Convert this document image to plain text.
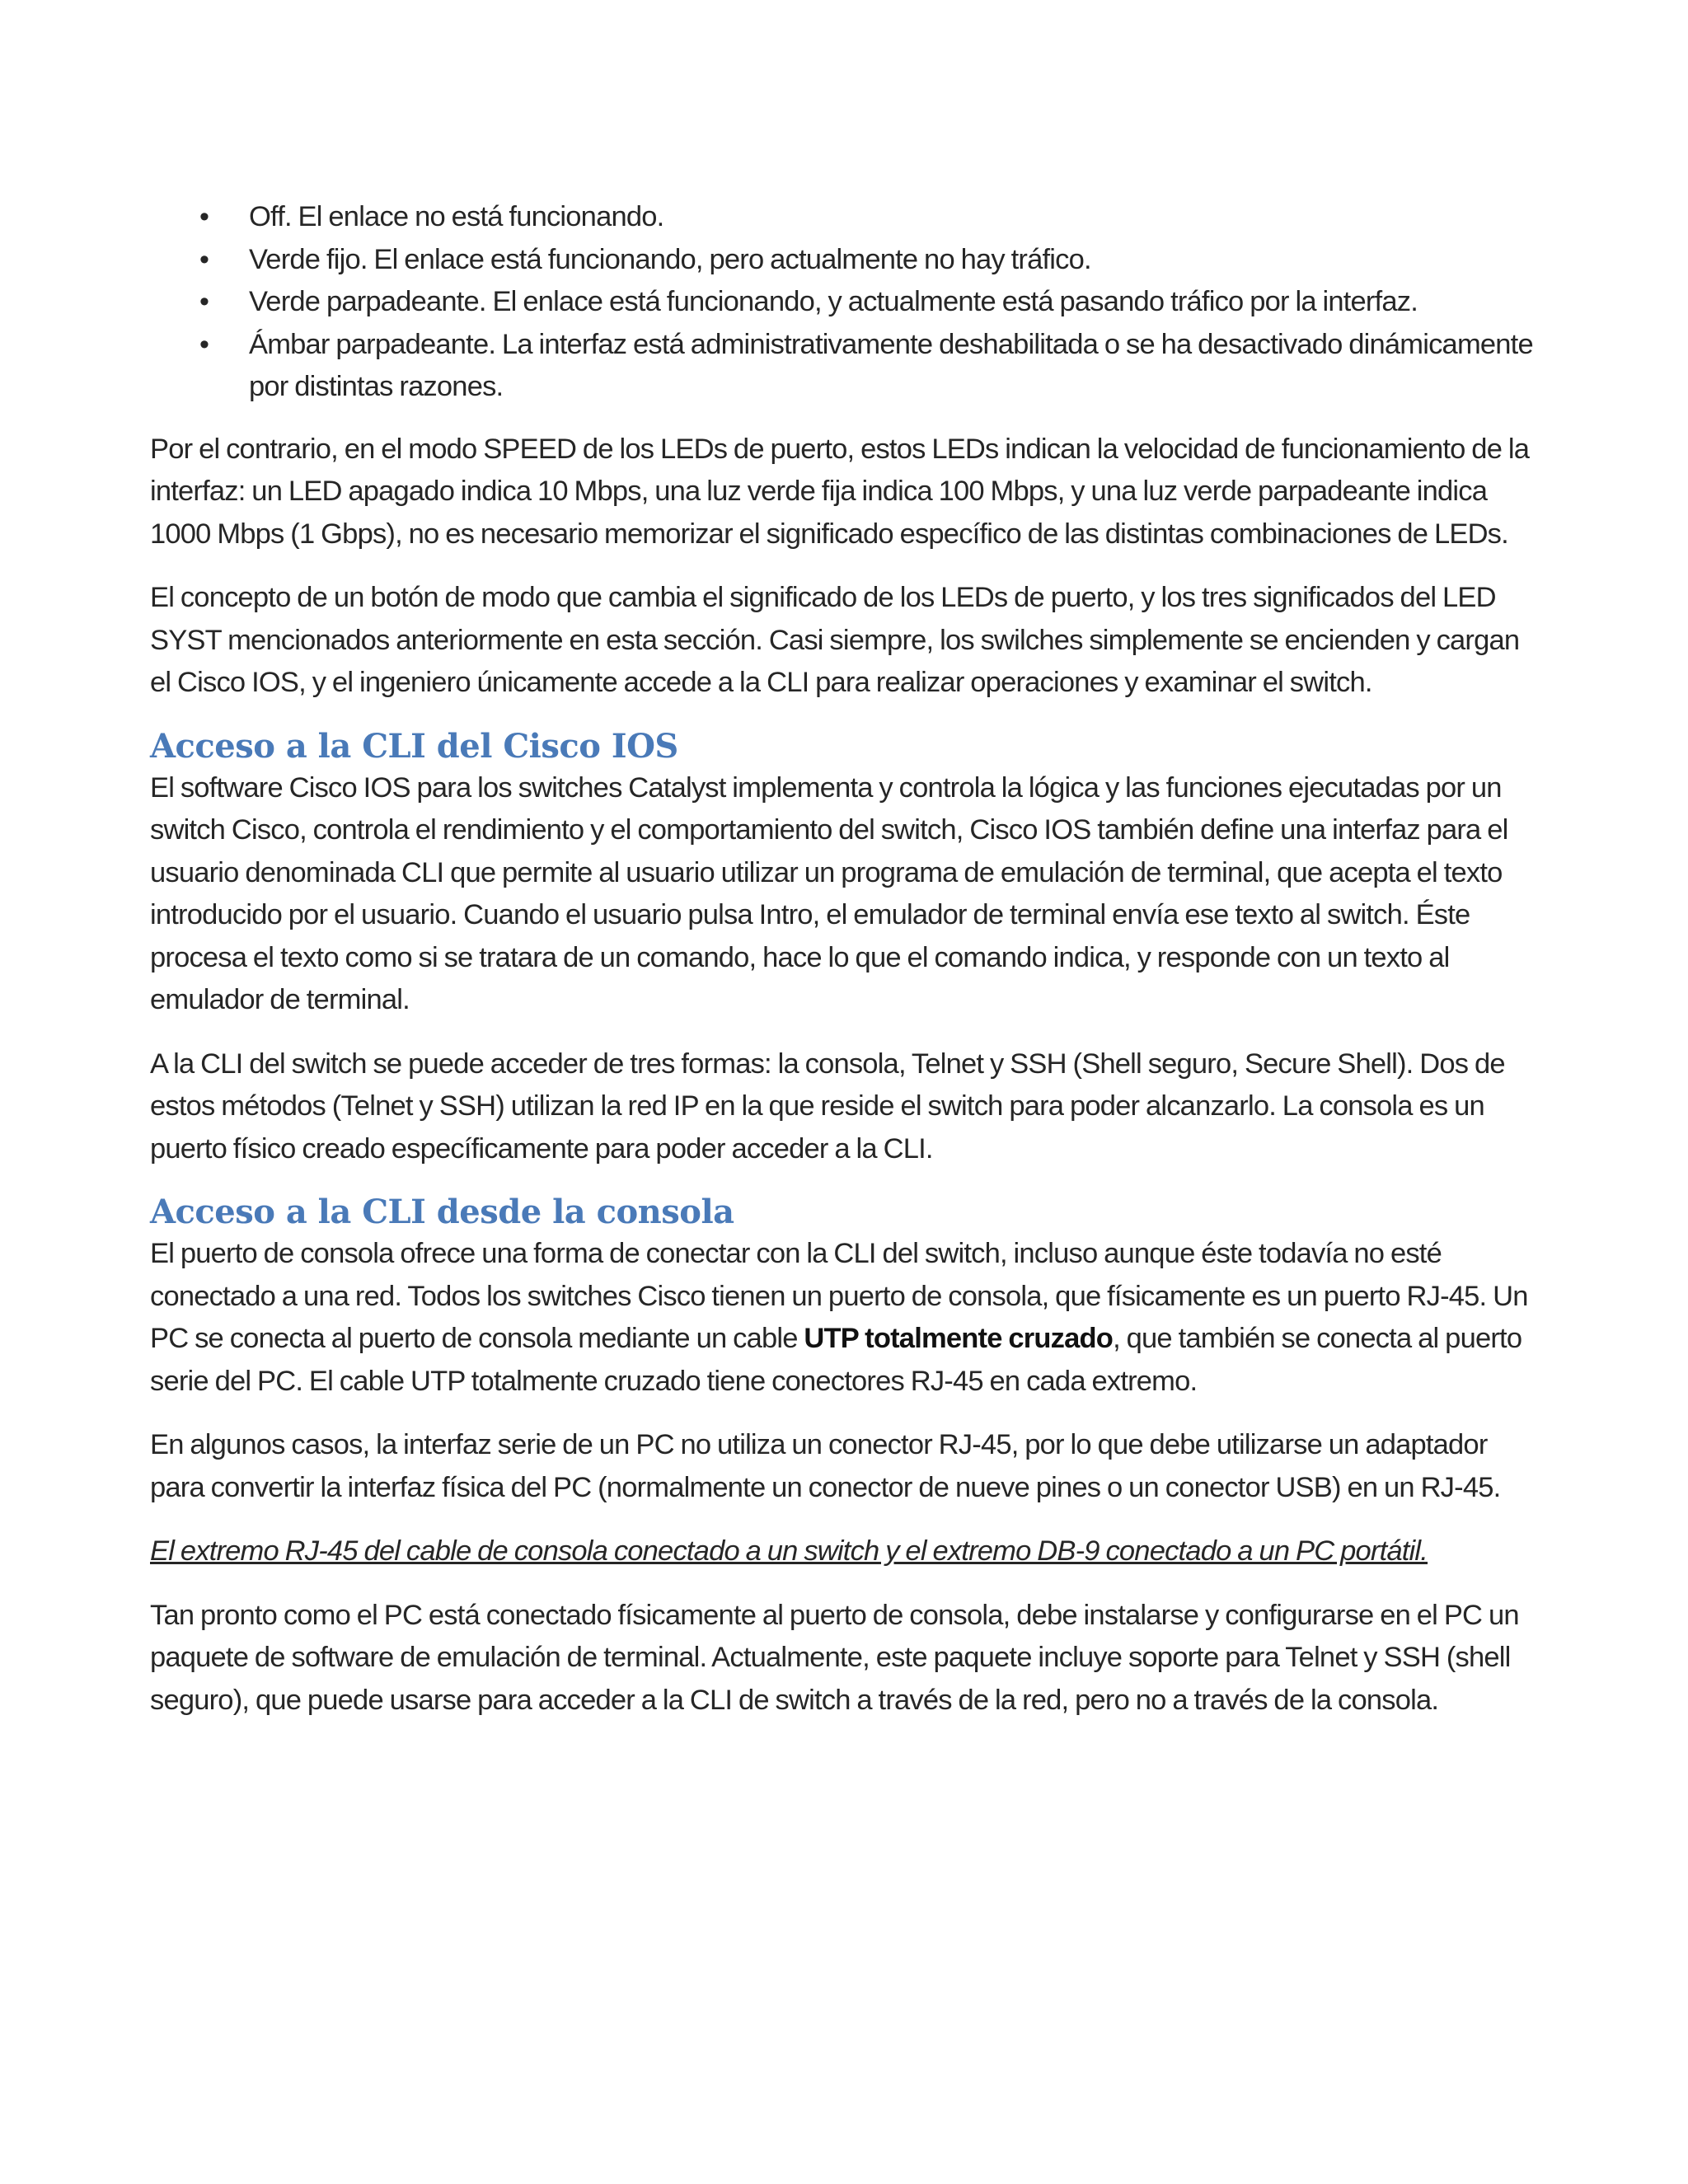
• Off. El enlace no está funcionando.
• Verde fijo. El enlace está funcionando, pero actualmente no hay tráfico.
• Verde parpadeante. El enlace está funcionando, y actualmente está pasando tráfico por la interfaz.
• Ámbar parpadeante. La interfaz está administrativamente deshabilitada o se ha desactivado dinámicamente por distintas razones.

Por el contrario, en el modo SPEED de los LEDs de puerto, estos LEDs indican la velocidad de funcionamiento de la interfaz: un LED apagado indica 10 Mbps, una luz verde fija indica 100 Mbps, y una luz verde parpadeante indica 1000 Mbps (1 Gbps), no es necesario memorizar el significado específico de las distintas combinaciones de LEDs.

El concepto de un botón de modo que cambia el significado de los LEDs de puerto, y los tres significados del LED SYST mencionados anteriormente en esta sección. Casi siempre, los swilches simplemente se encienden y cargan el Cisco IOS, y el ingeniero únicamente accede a la CLI para realizar operaciones y examinar el switch.

Acceso a la CLI del Cisco IOS

El software Cisco IOS para los switches Catalyst implementa y controla la lógica y las funciones ejecutadas por un switch Cisco, controla el rendimiento y el comportamiento del switch, Cisco IOS también define una interfaz para el usuario denominada CLI que permite al usuario utilizar un programa de emulación de terminal, que acepta el texto introducido por el usuario. Cuando el usuario pulsa Intro, el emulador de terminal envía ese texto al switch. Éste procesa el texto como si se tratara de un comando, hace lo que el comando indica, y responde con un texto al emulador de terminal.

A la CLI del switch se puede acceder de tres formas: la consola, Telnet y SSH (Shell seguro, Secure Shell). Dos de estos métodos (Telnet y SSH) utilizan la red IP en la que reside el switch para poder alcanzarlo. La consola es un puerto físico creado específicamente para poder acceder a la CLI.

Acceso a la CLI desde la consola

El puerto de consola ofrece una forma de conectar con la CLI del switch, incluso aunque éste todavía no esté conectado a una red. Todos los switches Cisco tienen un puerto de consola, que físicamente es un puerto RJ-45. Un PC se conecta al puerto de consola mediante un cable UTP totalmente cruzado, que también se conecta al puerto serie del PC. El cable UTP totalmente cruzado tiene conectores RJ-45 en cada extremo.

En algunos casos, la interfaz serie de un PC no utiliza un conector RJ-45, por lo que debe utilizarse un adaptador para convertir la interfaz física del PC (normalmente un conector de nueve pines o un conector USB) en un RJ-45.

El extremo RJ-45 del cable de consola conectado a un switch y el extremo DB-9 conectado a un PC portátil.

Tan pronto como el PC está conectado físicamente al puerto de consola, debe instalarse y configurarse en el PC un paquete de software de emulación de terminal. Actualmente, este paquete incluye soporte para Telnet y SSH (shell seguro), que puede usarse para acceder a la CLI de switch a través de la red, pero no a través de la consola.
